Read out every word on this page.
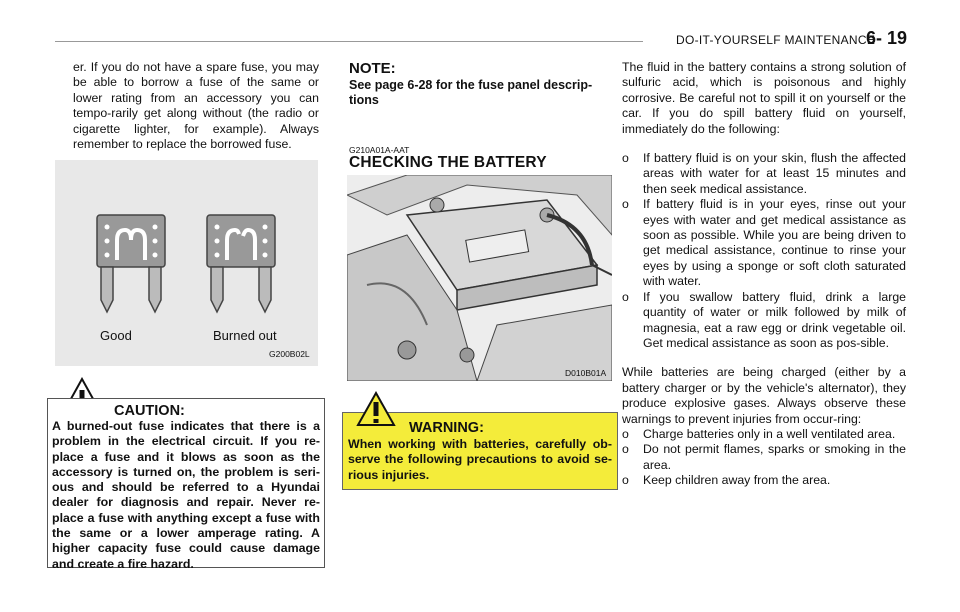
DO-IT-YOURSELF MAINTENANCE
6- 19
er. If you do not have a spare fuse, you may be able to borrow a fuse of the same or lower rating from an accessory you can tempo-rarily get along without (the radio or cigarette lighter, for example). Always remember to replace the borrowed fuse.
Good	Burned out
G200B02L
CAUTION:
A burned-out fuse indicates that there is a problem in the electrical circuit. If you re-place a fuse and it blows as soon as the accessory is turned on, the problem is seri-ous and should be referred to a Hyundai dealer for diagnosis and repair. Never re-place a fuse with anything except a fuse with the same or a lower amperage rating. A higher capacity fuse could cause damage and create a fire hazard.
NOTE:
See page 6-28 for the fuse panel descrip-tions
G210A01A-AAT
CHECKING THE BATTERY
D010B01A
WARNING:
When working with batteries, carefully ob-serve the following precautions to avoid se-rious injuries.
The fluid in the battery contains a strong solution of sulfuric acid, which is poisonous and highly corrosive. Be careful not to spill it on yourself or the car. If you do spill battery fluid on yourself, immediately do the following:
o If battery fluid is on your skin, flush the affected areas with water for at least 15 minutes and then seek medical assistance.
o If battery fluid is in your eyes, rinse out your eyes with water and get medical assistance as soon as possible. While you are being driven to get medical assistance, continue to rinse your eyes by using a sponge or soft cloth saturated with water.
o If you swallow battery fluid, drink a large quantity of water or milk followed by milk of magnesia, eat a raw egg or drink vegetable oil. Get medical assistance as soon as pos-sible.
While batteries are being charged (either by a battery charger or by the vehicle's alternator), they produce explosive gases. Always observe these warnings to prevent injuries from occur-ring:
o Charge batteries only in a well ventilated area.
o Do not permit flames, sparks or smoking in the area.
o Keep children away from the area.
